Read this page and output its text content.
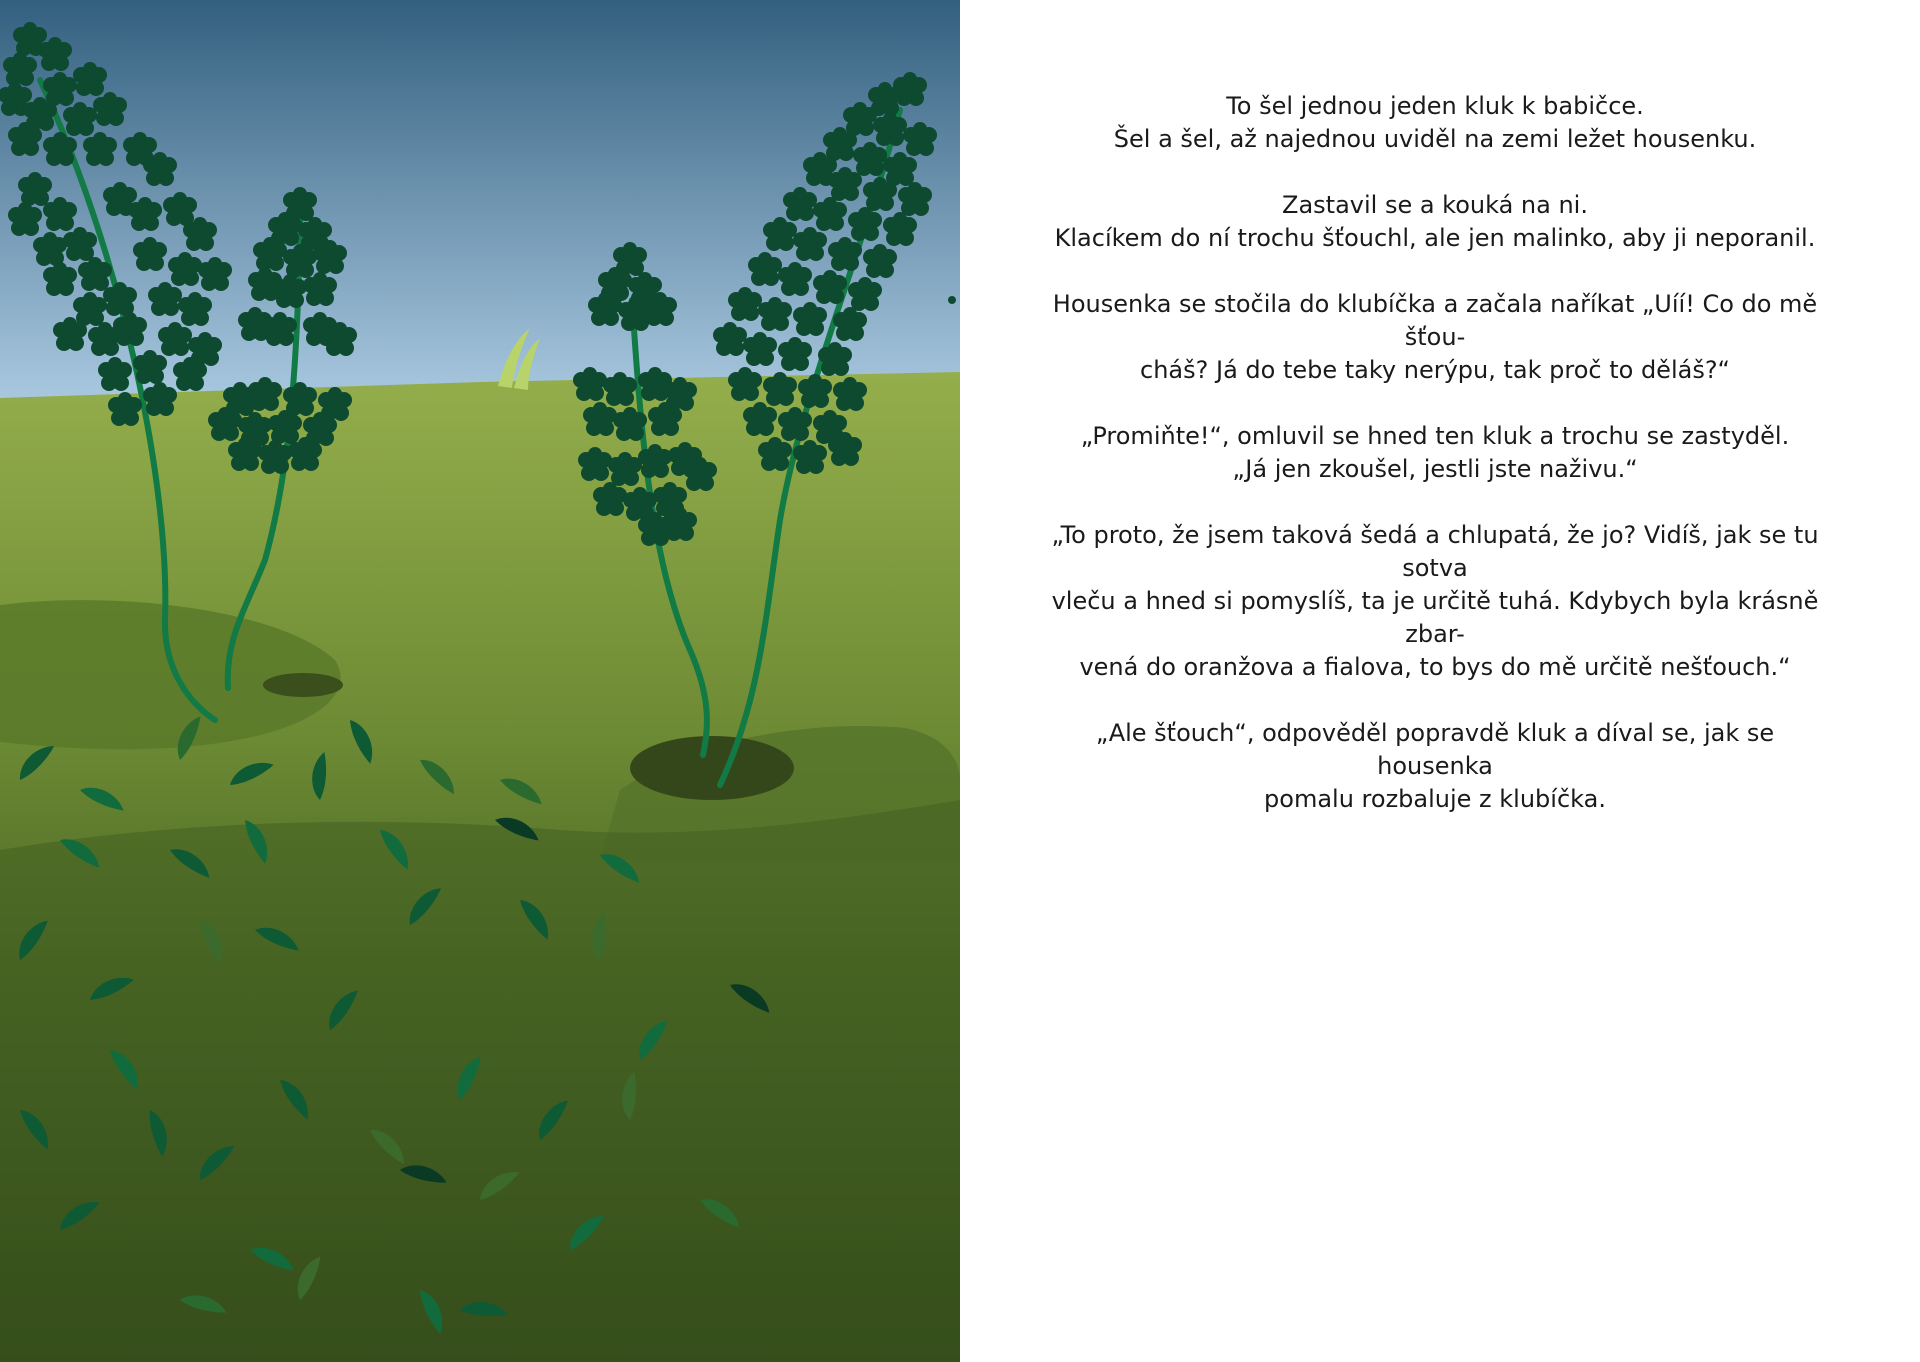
To šel jednou jeden kluk k babičce.
Šel a šel, až najednou uviděl na zemi ležet housenku.

Zastavil se a kouká na ni.
Klacíkem do ní trochu šťouchl, ale jen malinko, aby ji neporanil.

Housenka se stočila do klubíčka a začala naříkat „Uíí! Co do mě šťou-
cháš? Já do tebe taky nerýpu, tak proč to děláš?“

„Promiňte!“, omluvil se hned ten kluk a trochu se zastyděl.
„Já jen zkoušel, jestli jste naživu.“

„To proto, že jsem taková šedá a chlupatá, že jo? Vidíš, jak se tu sotva
vleču a hned si pomyslíš, ta je určitě tuhá. Kdybych byla krásně zbar-
vená do oranžova a fialova, to bys do mě určitě nešťouch.“

„Ale šťouch“, odpověděl popravdě kluk a díval se, jak se housenka
pomalu rozbaluje z klubíčka.
